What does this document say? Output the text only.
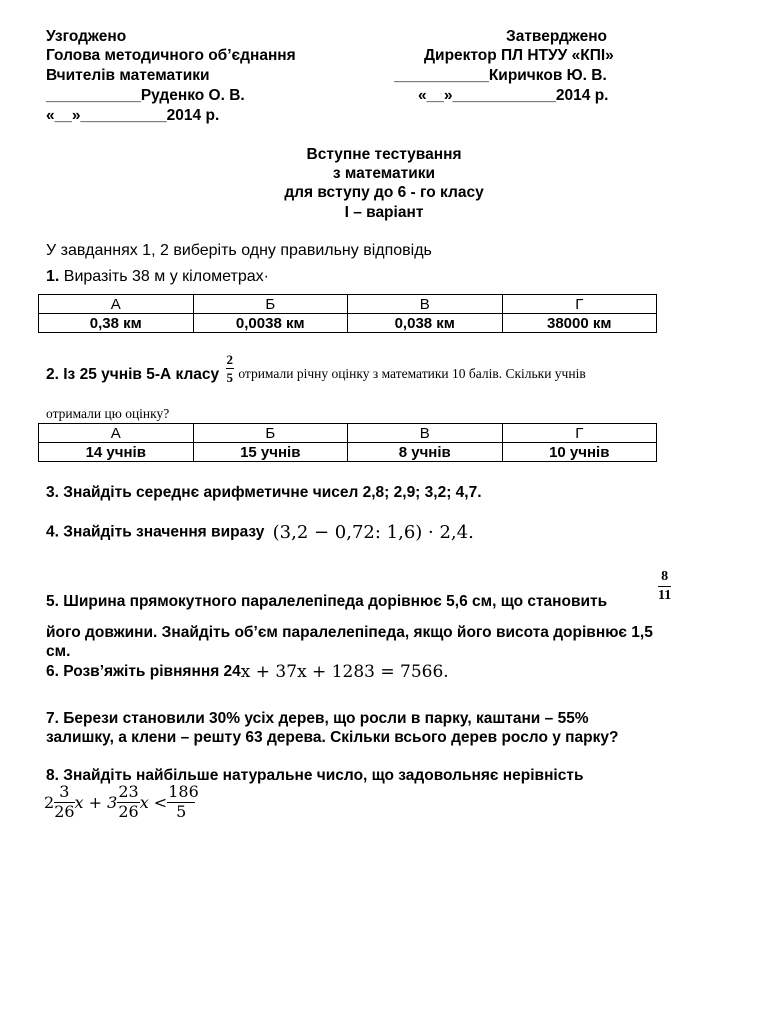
Узгоджено
Голова методичного об’єднання
Вчителів математики
___________Руденко О. В.
«__»__________2014 р.
Затверджено
Директор ПЛ НТУУ «КПІ»
___________Киричков Ю. В.
«__»____________2014 р.
Вступне тестування
з математики
для вступу до 6 - го класу
І – варіант
У завданнях 1, 2 виберіть одну правильну відповідь
1. Виразіть 38 м у кілометрах·
А	Б	В	Г
0,38 км	0,0038 км	0,038 км	38000 км
2. Із 25 учнів 5-А класу $\frac{2}{5}$ отримали річну оцінку з математики 10 балів. Скільки учнів
отримали цю оцінку?
А	Б	В	Г
14 учнів	15 учнів	8 учнів	10 учнів
3. Знайдіть середнє арифметичне чисел 2,8; 2,9; 3,2; 4,7.
4. Знайдіть значення виразу (3,2 − 0,72: 1,6) · 2,4.
5. Ширина прямокутного паралелепіпеда дорівнює 5,6 см, що становить	$\frac{8}{11}$
його довжини. Знайдіть об’єм паралелепіпеда, якщо його висота дорівнює 1,5
см.
6. Розв’яжіть рівняння 24x + 37x + 1283 = 7566.
7. Берези становили 30% усіх дерев, що росли в парку, каштани – 55%
залишку, а клени – решту 63 дерева. Скільки всього дерев росло у парку?
8. Знайдіть найбільше натуральне число, що задовольняє нерівність
$2 \frac{3}{26}$ $x + 3 \frac{23}{26}$ $x < \frac{186}{5}$
